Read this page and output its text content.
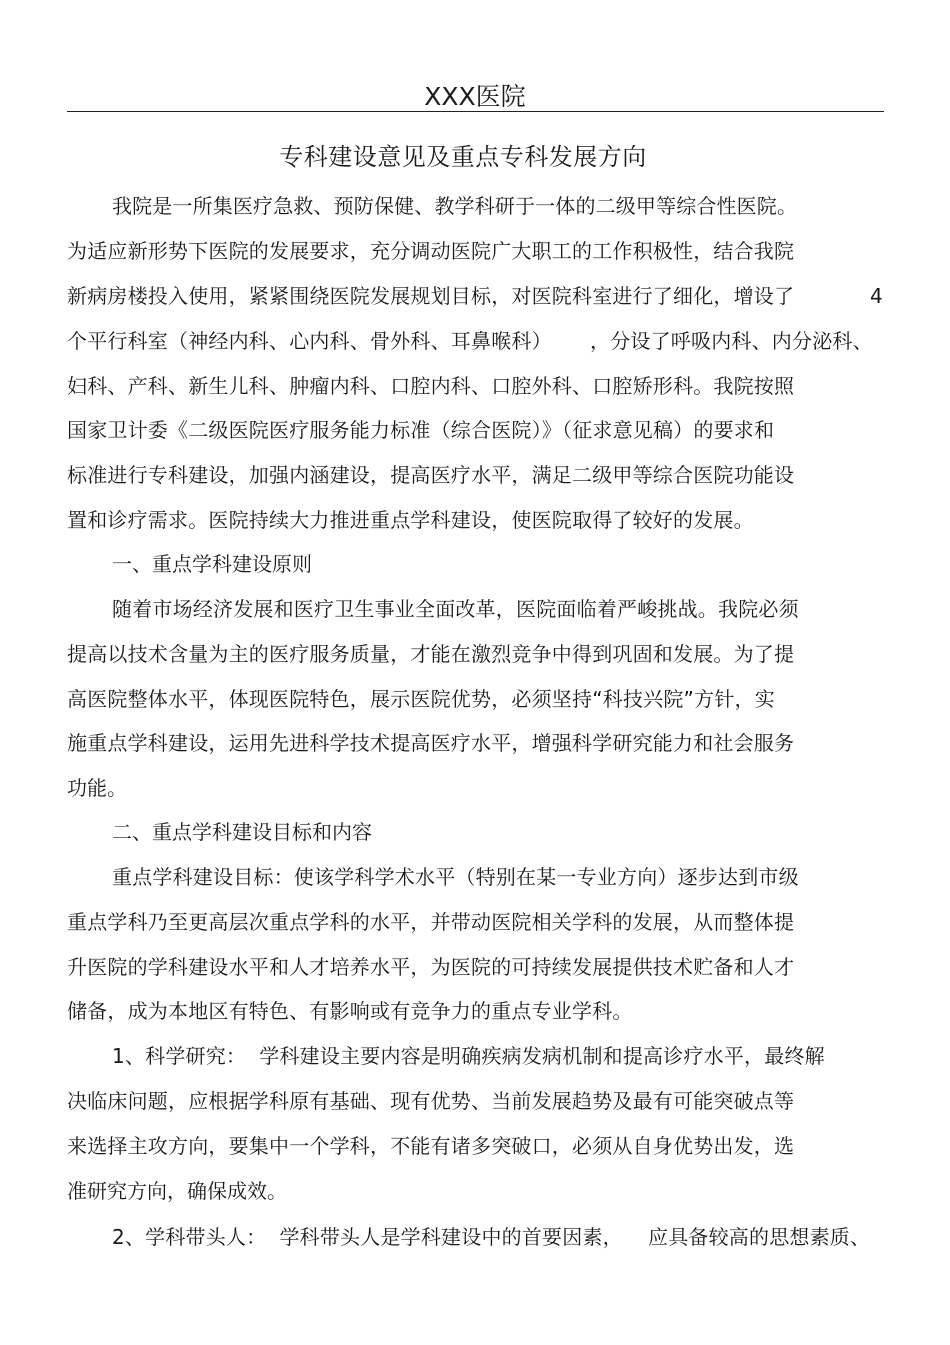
XXX医院
专科建设意见及重点专科发展方向
我院是一所集医疗急救、预防保健、教学科研于一体的二级甲等综合性医院。
为适应新形势下医院的发展要求，充分调动医院广大职工的工作积极性，结合我院
新病房楼投入使用，紧紧围绕医院发展规划目标，对医院科室进行了细化，增设了	4
个平行科室（神经内科、心内科、骨外科、耳鼻喉科） ，分设了呼吸内科、内分泌科、
妇科、产科、新生儿科、肿瘤内科、口腔内科、口腔外科、口腔矫形科。我院按照
国家卫计委《二级医院医疗服务能力标准（综合医院）》（征求意见稿）的要求和
标准进行专科建设，加强内涵建设，提高医疗水平，满足二级甲等综合医院功能设
置和诊疗需求。医院持续大力推进重点学科建设，使医院取得了较好的发展。
一、重点学科建设原则
随着市场经济发展和医疗卫生事业全面改革，医院面临着严峻挑战。我院必须
提高以技术含量为主的医疗服务质量，才能在激烈竞争中得到巩固和发展。为了提
高医院整体水平，体现医院特色，展示医院优势，必须坚持“科技兴院”方针，实
施重点学科建设，运用先进科学技术提高医疗水平，增强科学研究能力和社会服务
功能。
二、重点学科建设目标和内容
重点学科建设目标：使该学科学术水平（特别在某一专业方向）逐步达到市级
重点学科乃至更高层次重点学科的水平，并带动医院相关学科的发展，从而整体提
升医院的学科建设水平和人才培养水平，为医院的可持续发展提供技术贮备和人才
储备，成为本地区有特色、有影响或有竞争力的重点专业学科。
1、科学研究：  学科建设主要内容是明确疾病发病机制和提高诊疗水平，最终解
决临床问题，应根据学科原有基础、现有优势、当前发展趋势及最有可能突破点等
来选择主攻方向，要集中一个学科，不能有诸多突破口，必须从自身优势出发，选
准研究方向，确保成效。
2、学科带头人：  学科带头人是学科建设中的首要因素， 应具备较高的思想素质、
